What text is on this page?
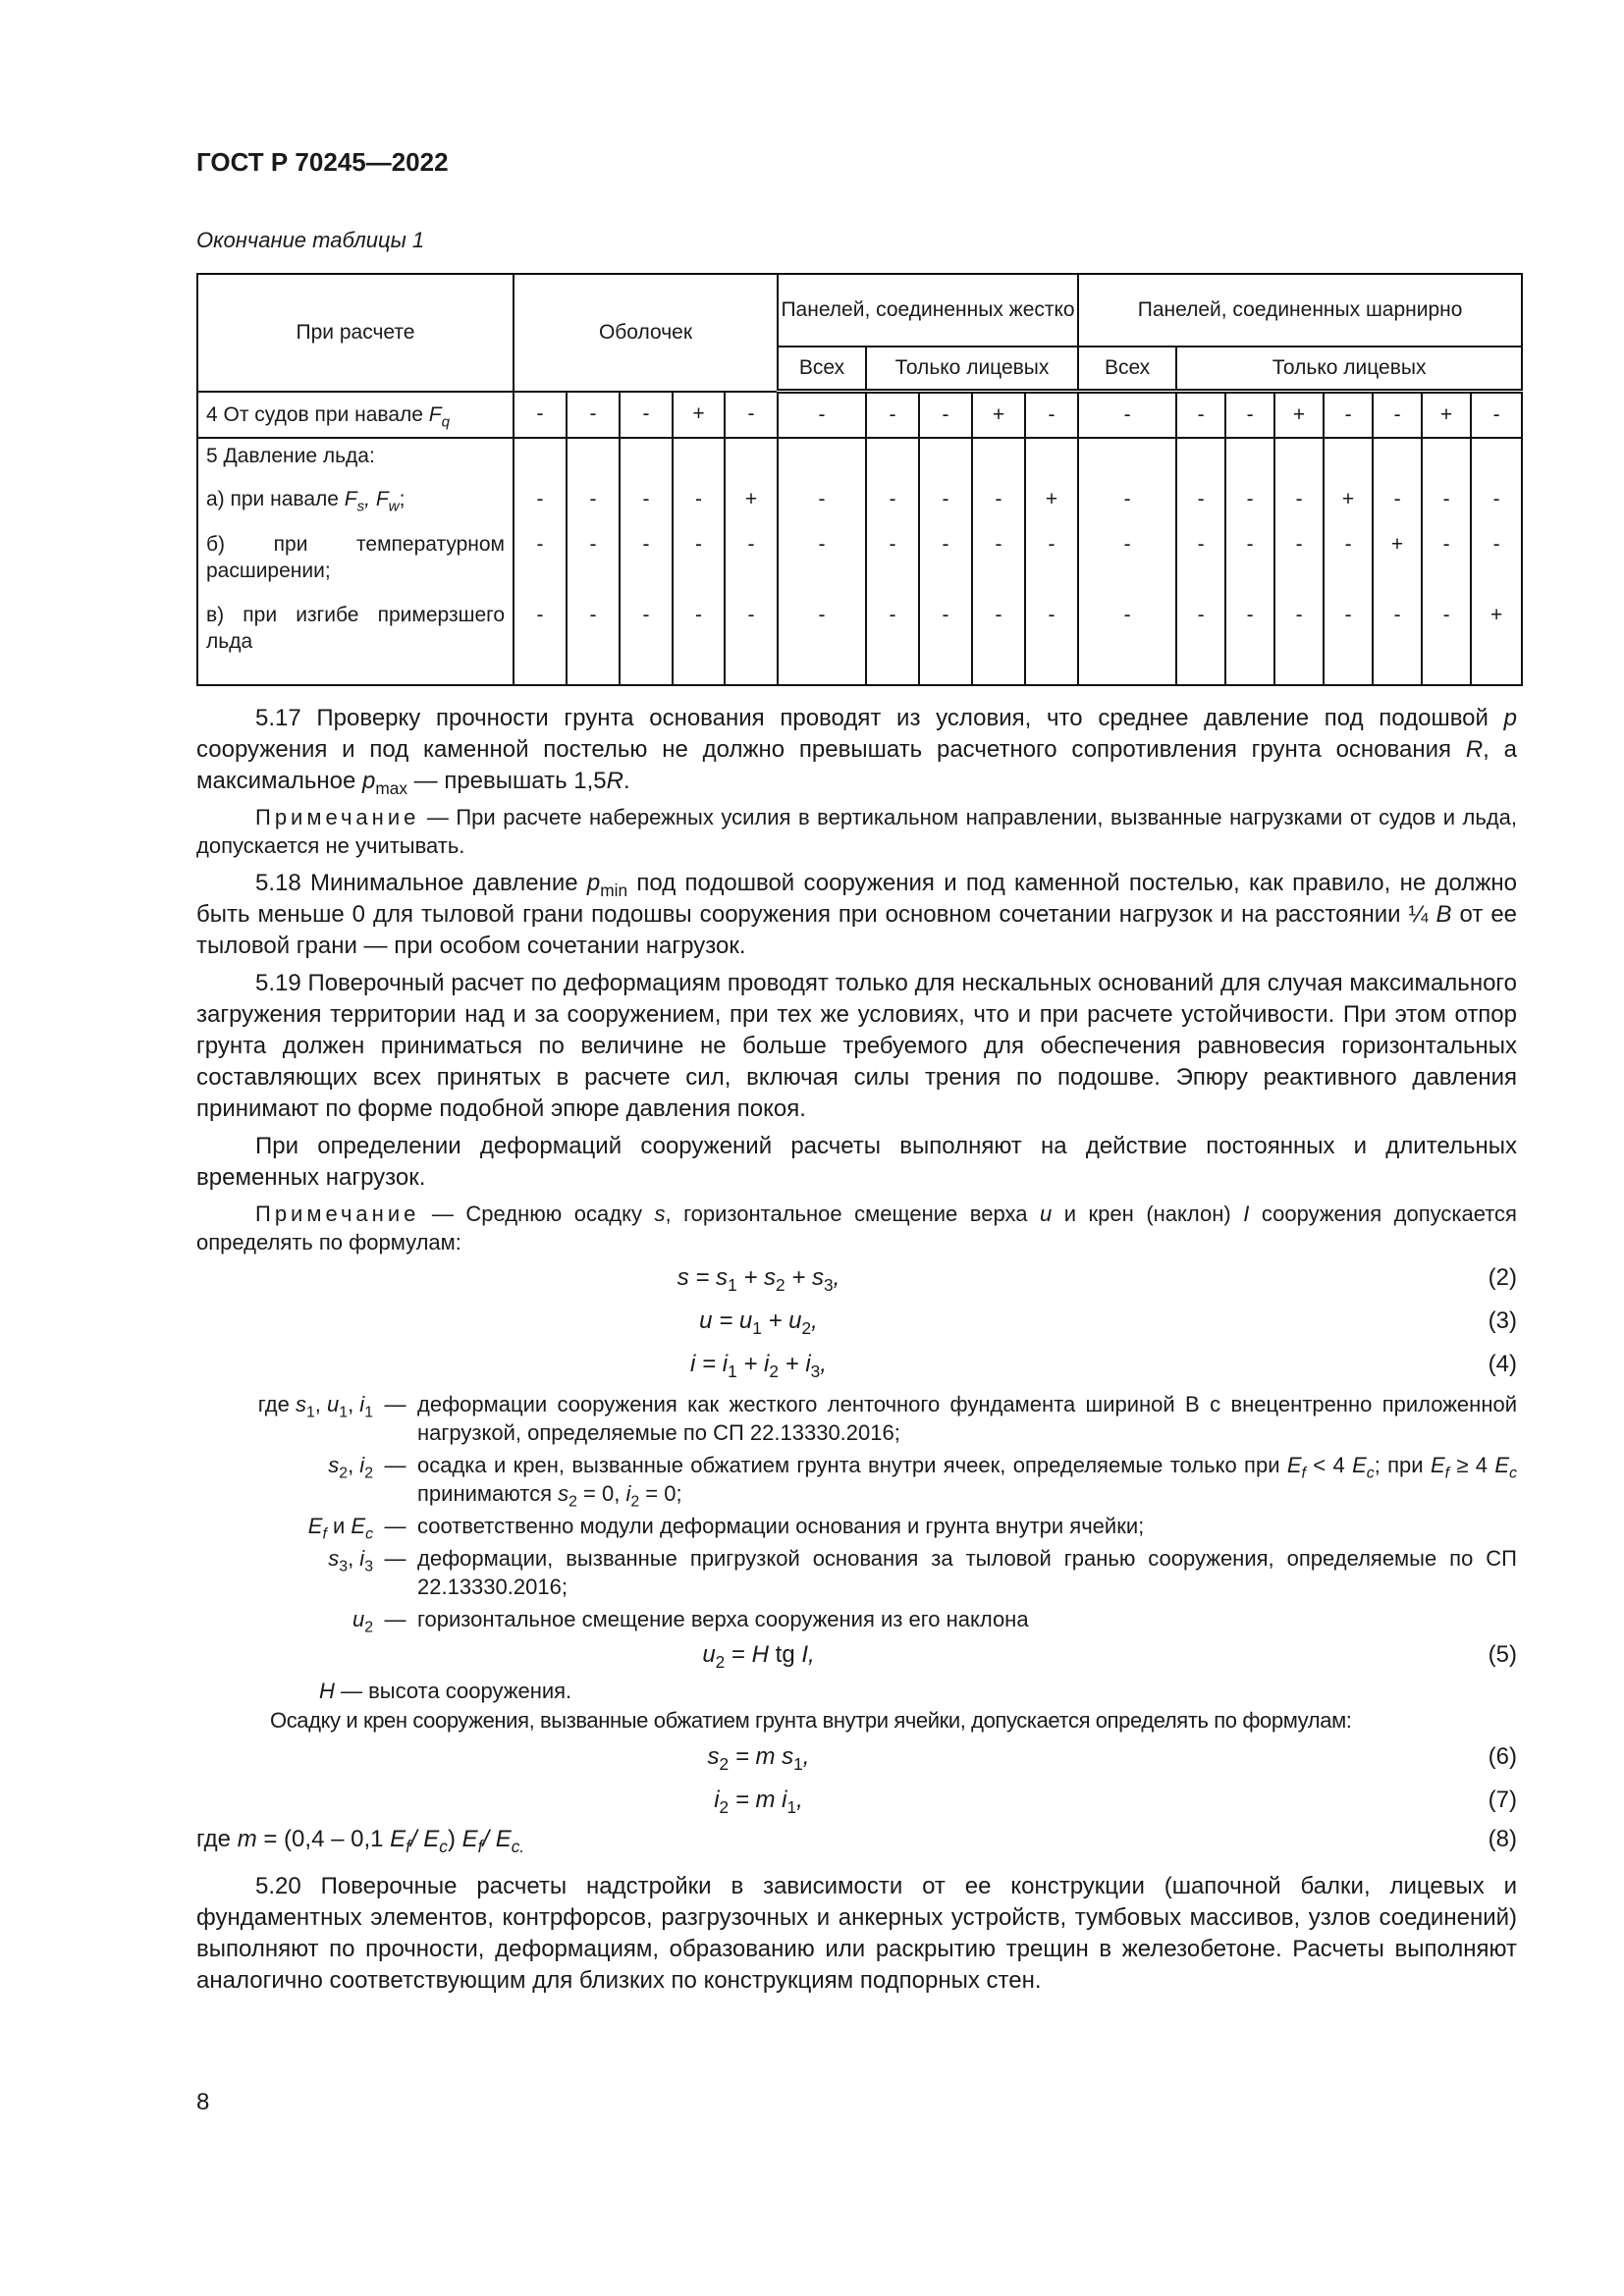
ГОСТ Р 70245—2022
Окончание таблицы 1
При расчете	Оболочек					Панелей, соединенных жестко					Панелей, соединенных шарнирно							
						Всех	Только лицевых				Всех	Только лицевых						
4 От судов при навале $F_q$	-	-	-	+	-	-	-	-	+	-	-	-	-	+	-	-	+	-
5 Давление льда:																		
а) при навале $F_s$, $F_w$;	-	-	-	-	+	-	-	-	-	+	-	-	-	-	+	-	-	-
б) при температурном расширении;	-	-	-	-	-	-	-	-	-	-	-	-	-	-	-	+	-	-
в) при изгибе примерзшего льда	-	-	-	-	-	-	-	-	-	-	-	-	-	-	-	-	-	+
5.17 Проверку прочности грунта основания проводят из условия, что среднее давление под подошвой p сооружения и под каменной постелью не должно превышать расчетного сопротивления грунта основания R, а максимальное $p_{max}$ — превышать 1,5R.
Примечание — При расчете набережных усилия в вертикальном направлении, вызванные нагрузками от судов и льда, допускается не учитывать.
5.18 Минимальное давление $p_{min}$ под подошвой сооружения и под каменной постелью, как правило, не должно быть меньше 0 для тыловой грани подошвы сооружения при основном сочетании нагрузок и на расстоянии ¼ B от ее тыловой грани — при особом сочетании нагрузок.
5.19 Поверочный расчет по деформациям проводят только для нескальных оснований для случая максимального загружения территории над и за сооружением, при тех же условиях, что и при расчете устойчивости. При этом отпор грунта должен приниматься по величине не больше требуемого для обеспечения равновесия горизонтальных составляющих всех принятых в расчете сил, включая силы трения по подошве. Эпюру реактивного давления принимают по форме подобной эпюре давления покоя.
При определении деформаций сооружений расчеты выполняют на действие постоянных и длительных временных нагрузок.
Примечание — Среднюю осадку s, горизонтальное смещение верха u и крен (наклон) I сооружения допускается определять по формулам:
$s = s_1 + s_2 + s_3$,	(2)
$u = u_1 + u_2$,	(3)
$i = i_1 + i_2 + i_3$,	(4)
где $s_1$, $u_1$, $i_1$ — деформации сооружения как жесткого ленточного фундамента шириной В с внецентренно приложенной нагрузкой, определяемые по СП 22.13330.2016;
$s_2$, $i_2$ — осадка и крен, вызванные обжатием грунта внутри ячеек, определяемые только при $E_f < 4$ $E_c$; при $E_f \ge 4$ $E_c$ принимаются $s_2 = 0$, $i_2 = 0$;
$E_f$ и $E_c$ — соответственно модули деформации основания и грунта внутри ячейки;
$s_3$, $i_3$ — деформации, вызванные пригрузкой основания за тыловой гранью сооружения, определяемые по СП 22.13330.2016;
$u_2$ — горизонтальное смещение верха сооружения из его наклона
$u_2 = H$ tg I,	(5)
H — высота сооружения.
Осадку и крен сооружения, вызванные обжатием грунта внутри ячейки, допускается определять по формулам:
$s_2 = m$ $s_1$,	(6)
$i_2 = m$ $i_1$,	(7)
где m = (0,4 – 0,1 $E_f/$ $E_c$) $E_f/$ $E_{c.}$	(8)
5.20 Поверочные расчеты надстройки в зависимости от ее конструкции (шапочной балки, лицевых и фундаментных элементов, контрфорсов, разгрузочных и анкерных устройств, тумбовых массивов, узлов соединений) выполняют по прочности, деформациям, образованию или раскрытию трещин в железобетоне. Расчеты выполняют аналогично соответствующим для близких по конструкциям подпорных стен.
8
